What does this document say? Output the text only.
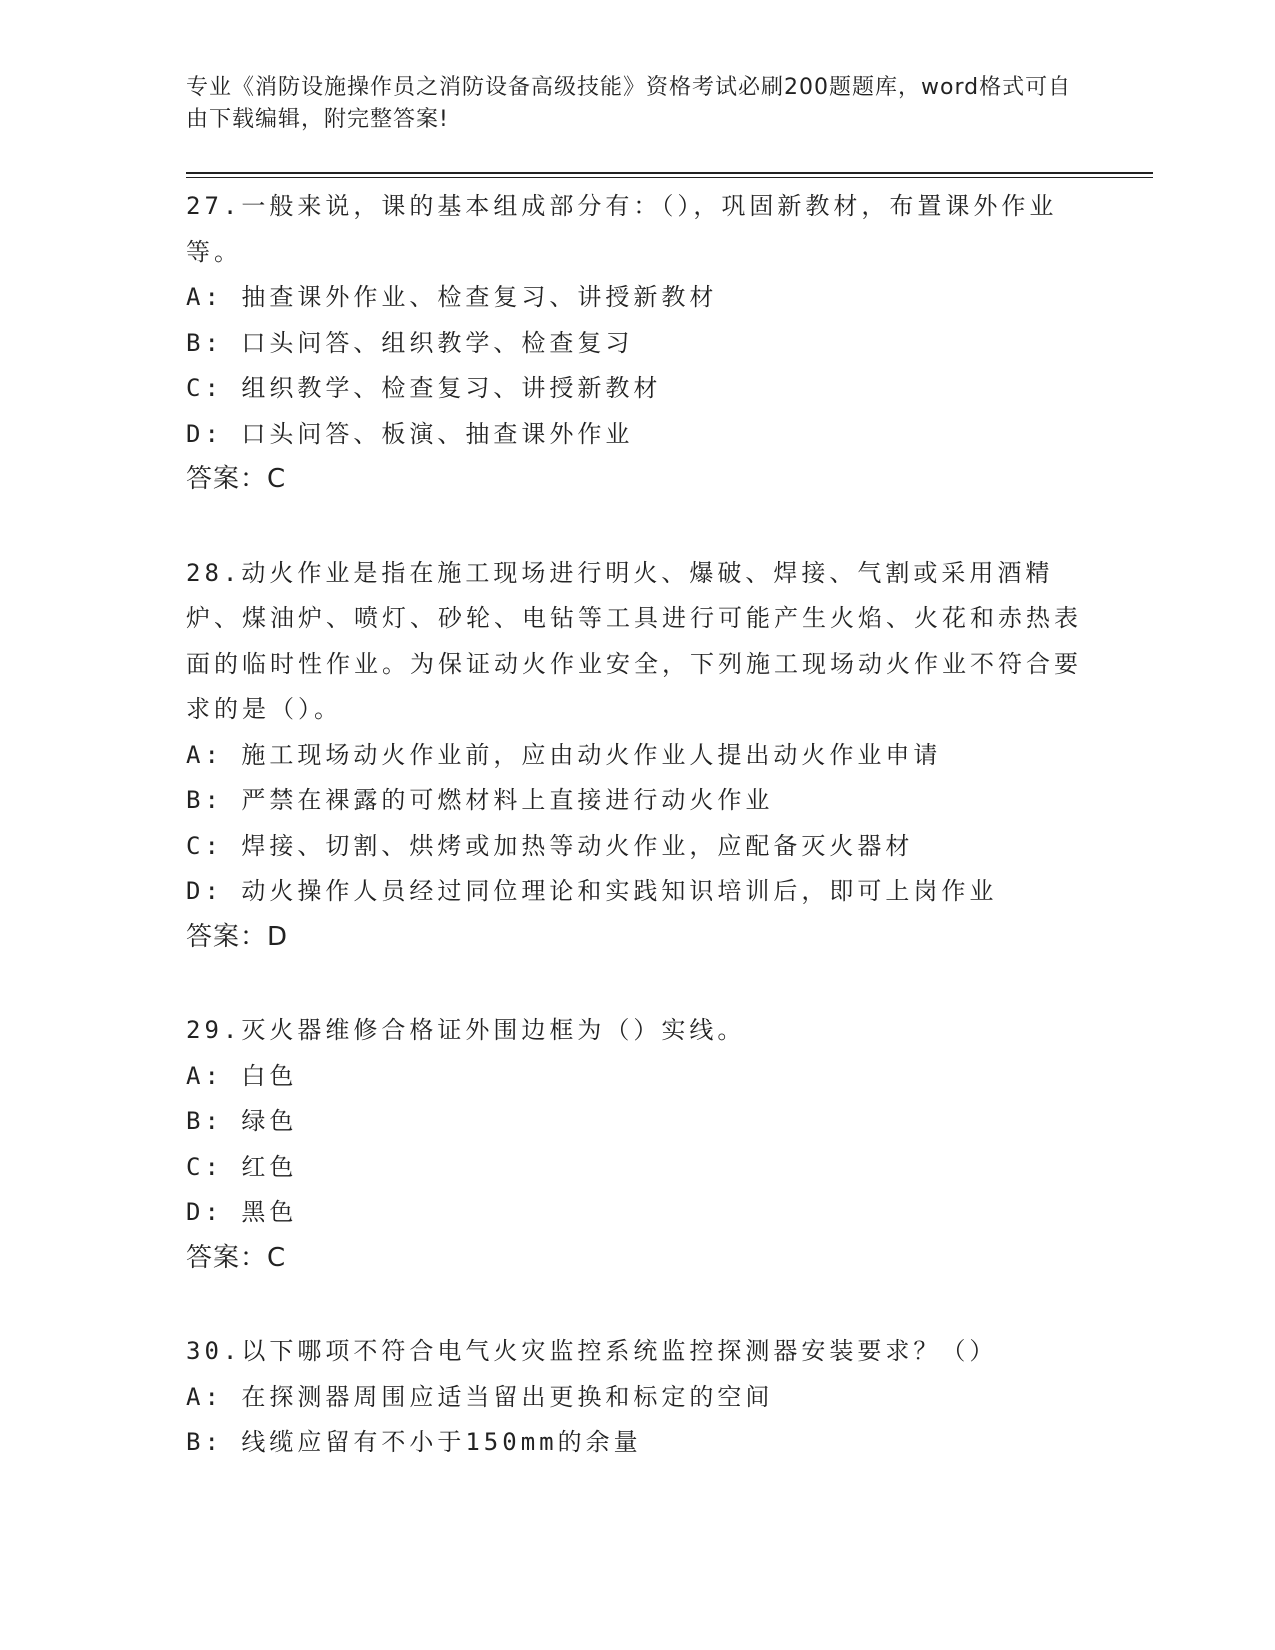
专业《消防设施操作员之消防设备高级技能》资格考试必刷200题题库，word格式可自由下载编辑，附完整答案!
27.一般来说，课的基本组成部分有：（），巩固新教材，布置课外作业等。
A: 抽查课外作业、检查复习、讲授新教材
B: 口头问答、组织教学、检查复习
C: 组织教学、检查复习、讲授新教材
D: 口头问答、板演、抽查课外作业
答案：C
28.动火作业是指在施工现场进行明火、爆破、焊接、气割或采用酒精炉、煤油炉、喷灯、砂轮、电钻等工具进行可能产生火焰、火花和赤热表面的临时性作业。为保证动火作业安全，下列施工现场动火作业不符合要求的是（）。
A: 施工现场动火作业前，应由动火作业人提出动火作业申请
B: 严禁在裸露的可燃材料上直接进行动火作业
C: 焊接、切割、烘烤或加热等动火作业，应配备灭火器材
D: 动火操作人员经过同位理论和实践知识培训后，即可上岗作业
答案：D
29.灭火器维修合格证外围边框为（）实线。
A: 白色
B: 绿色
C: 红色
D: 黑色
答案：C
30.以下哪项不符合电气火灾监控系统监控探测器安装要求？（）
A: 在探测器周围应适当留出更换和标定的空间
B: 线缆应留有不小于150mm的余量
